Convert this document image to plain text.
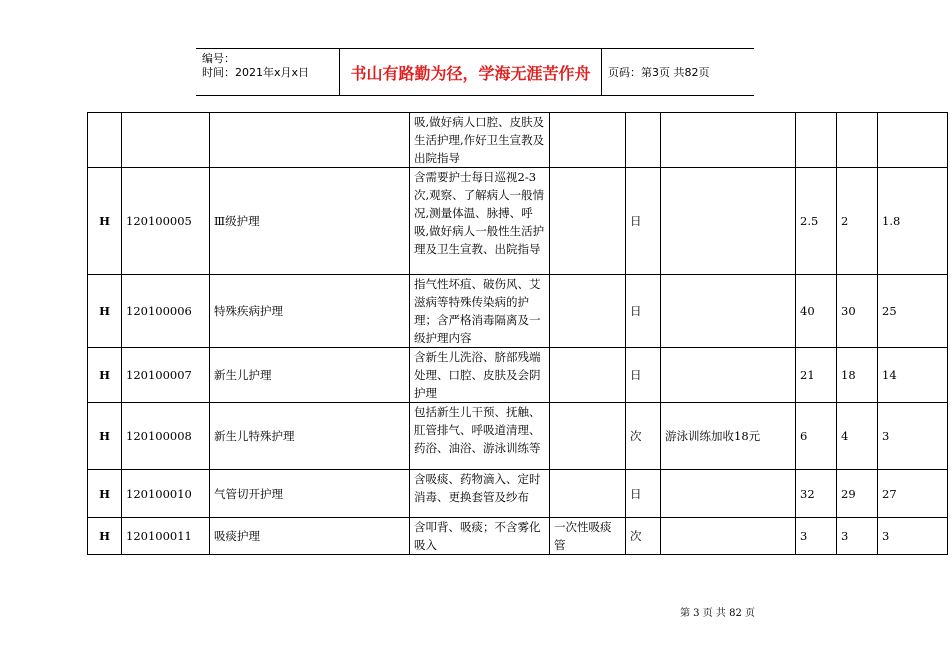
编号：
时间：2021年x月x日	书山有路勤为径，学海无涯苦作舟	页码：第3页 共82页
			吸,做好病人口腔、皮肤及生活护理,作好卫生宣教及出院指导						
H	120100005	Ⅲ级护理	含需要护士每日巡视2-3次,观察、了解病人一般情况,测量体温、脉搏、呼吸,做好病人一般性生活护理及卫生宣教、出院指导		日		2.5	2	1.8
H	120100006	特殊疾病护理	指气性坏疽、破伤风、艾滋病等特殊传染病的护理；含严格消毒隔离及一级护理内容		日		40	30	25
H	120100007	新生儿护理	含新生儿洗浴、脐部残端处理、口腔、皮肤及会阴护理		日		21	18	14
H	120100008	新生儿特殊护理	包括新生儿干预、抚触、肛管排气、呼吸道清理、药浴、油浴、游泳训练等		次	游泳训练加收18元	6	4	3
H	120100010	气管切开护理	含吸痰、药物滴入、定时消毒、更换套管及纱布		日		32	29	27
H	120100011	吸痰护理	含叩背、吸痰；不含雾化吸入	一次性吸痰管	次		3	3	3
第 3 页 共 82 页
